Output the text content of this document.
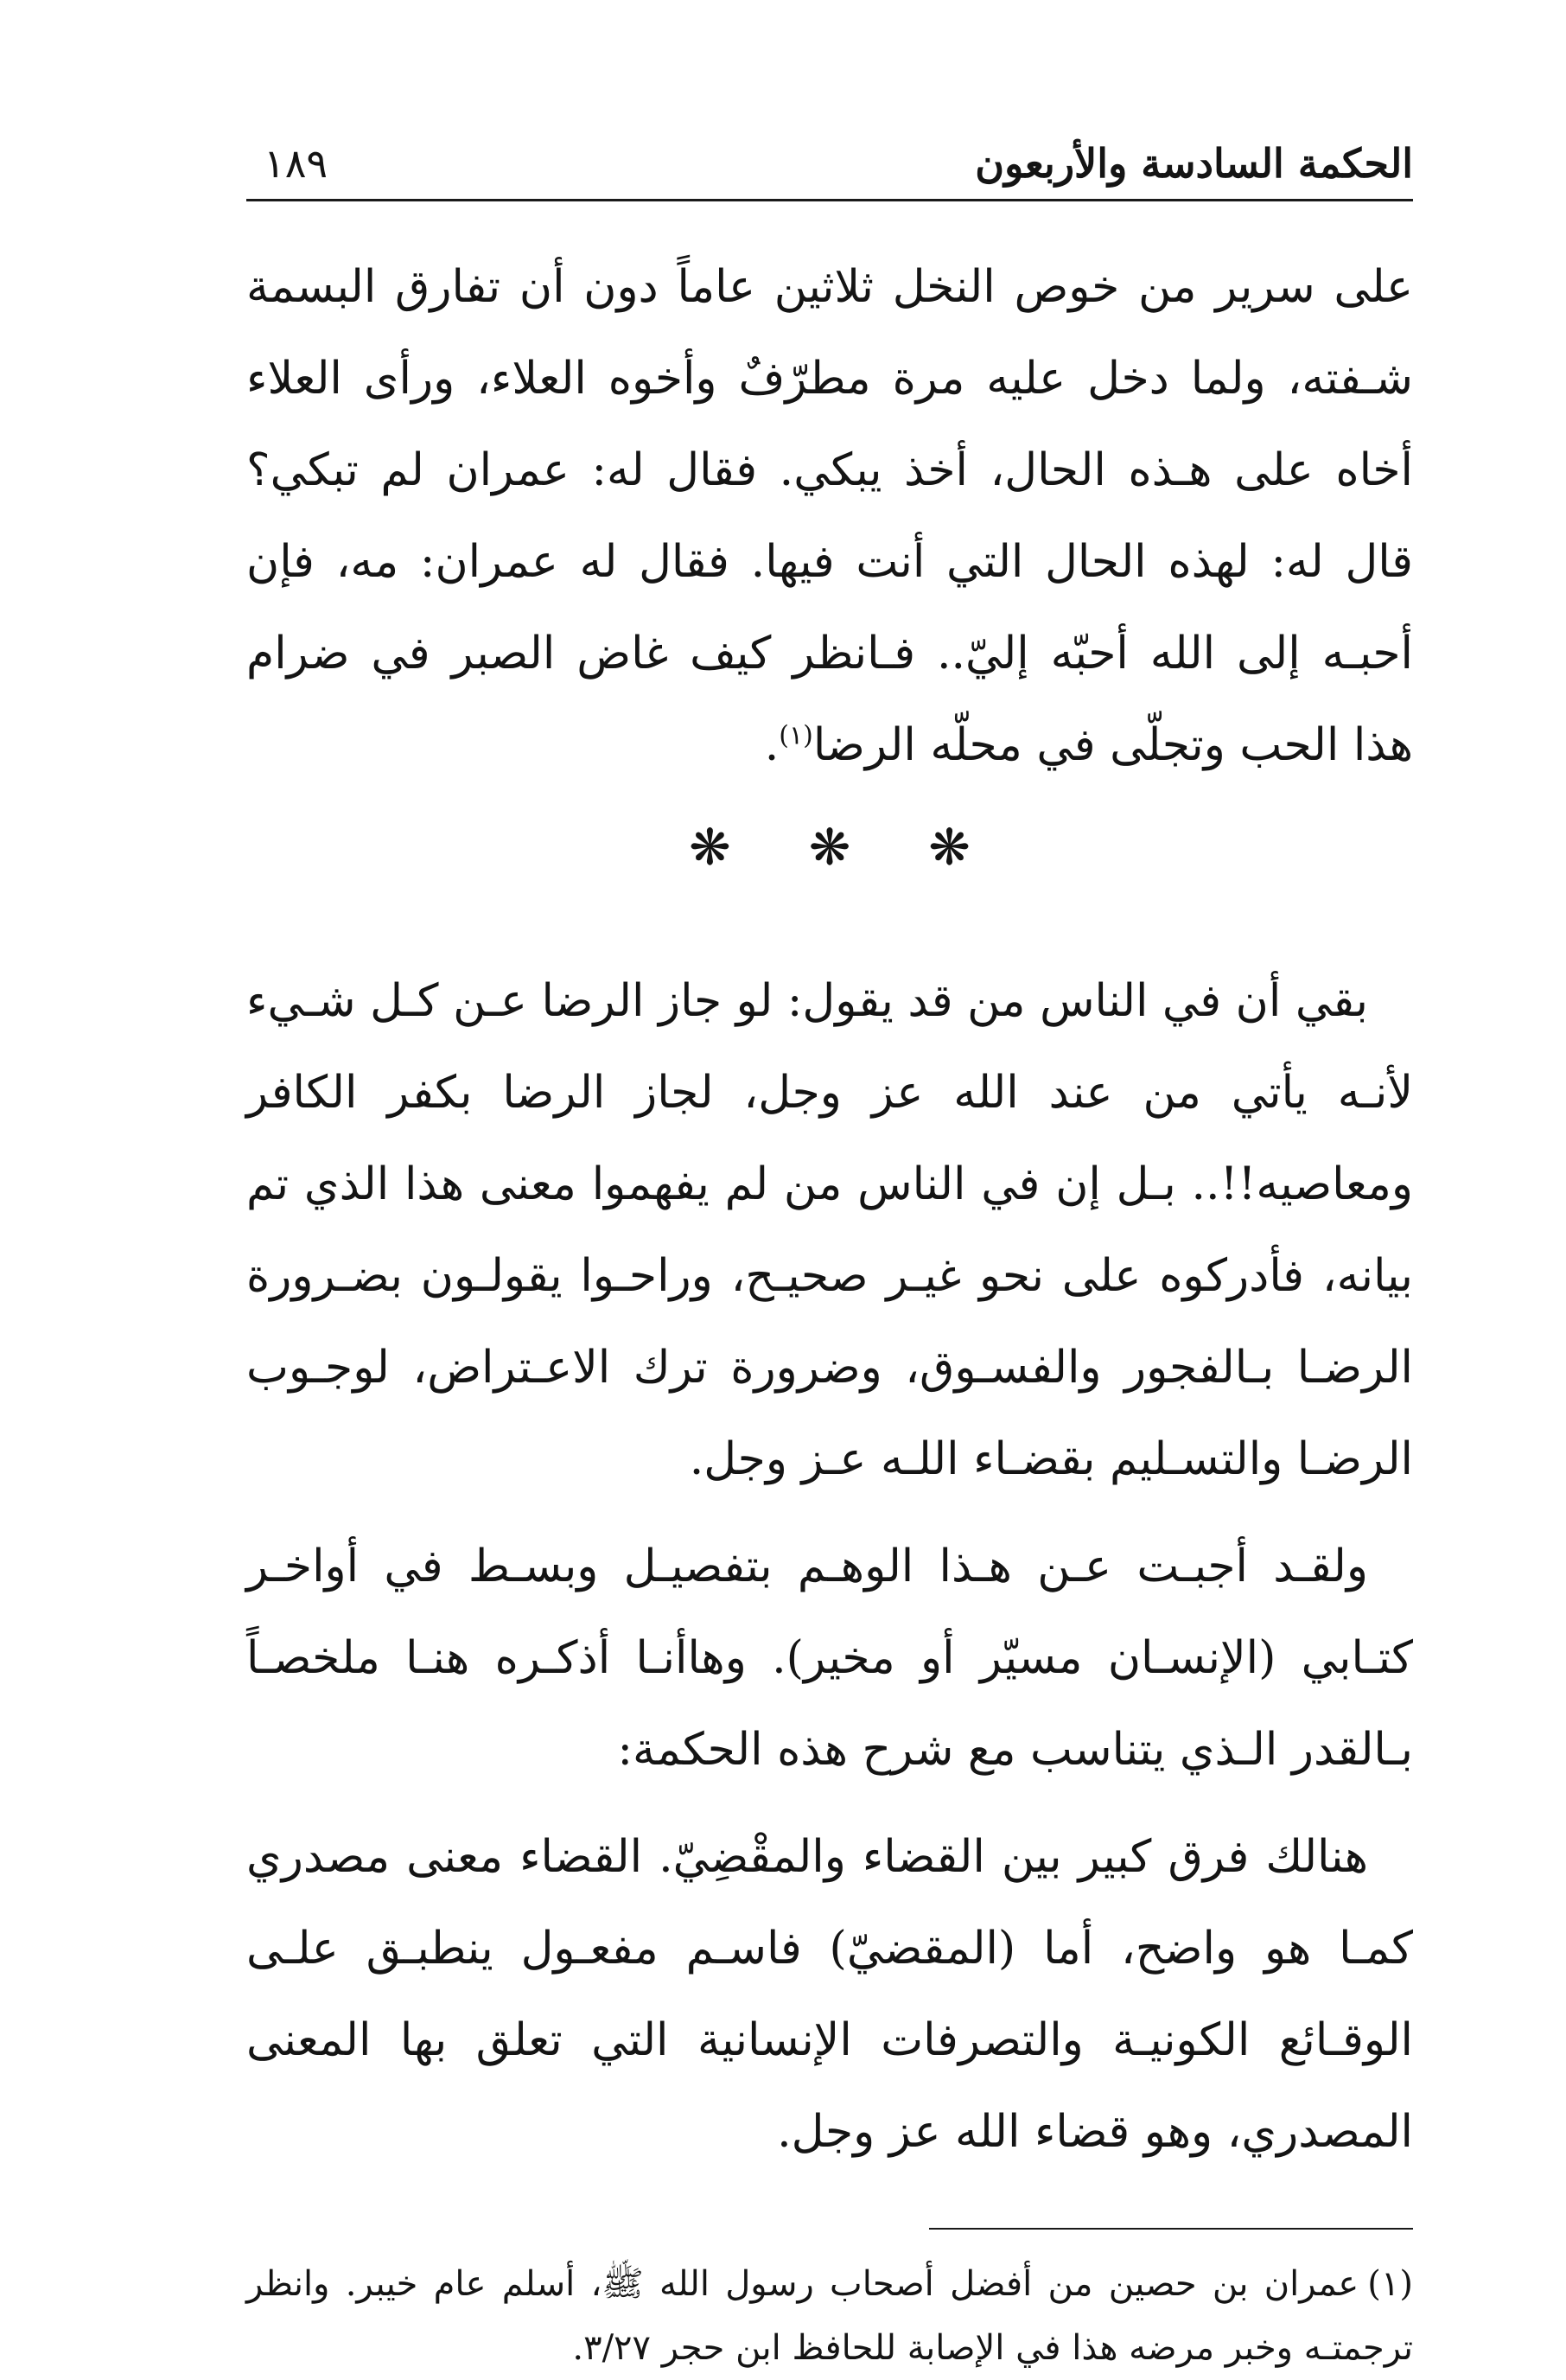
الحكمة السادسة والأربعون
١٨٩

على سرير من خوص النخل ثلاثين عاماً دون أن تفارق البسمة شـفته، ولما دخل عليه مرة مطرّفٌ وأخوه العلاء، ورأى العلاء أخاه على هـذه الحال، أخذ يبكي. فقال له: عمران لم تبكي؟ قال له: لهذه الحال التي أنت فيها. فقال له عمران: مه، فإن أحبـه إلى الله أحبّه إليّ.. فـانظر كيف غاض الصبر في ضرام هذا الحب وتجلّى في محلّه الرضا$^{(١)}$.

❋❋❋

بقي أن في الناس من قد يقول: لو جاز الرضا عـن كـل شـيء لأنـه يأتي من عند الله عز وجل، لجاز الرضا بكفر الكافر ومعاصيه!!.. بـل إن في الناس من لم يفهموا معنى هذا الذي تم بيانه، فأدركوه على نحو غيـر صحيـح، وراحـوا يقولـون بضـرورة الرضـا بـالفجور والفسـوق، وضرورة ترك الاعـتراض، لوجـوب الرضـا والتسـليم بقضـاء اللـه عـز وجل.

ولقـد أجبـت عـن هـذا الوهـم بتفصيـل وبسـط في أواخـر كتـابي (الإنسـان مسيّر أو مخير). وهاأنـا أذكـره هنـا ملخصـاً بـالقدر الـذي يتناسب مع شرح هذه الحكمة:

هنالك فرق كبير بين القضاء والمقْضِيّ. القضاء معنى مصدري كمـا هو واضح، أما (المقضيّ) فاسـم مفعـول ينطبـق علـى الوقـائع الكونيـة والتصرفات الإنسانية التي تعلق بها المعنى المصدري، وهو قضاء الله عز وجل.

(١)عمران بن حصين من أفضل أصحاب رسول الله ﷺ، أسلم عام خيبر. وانظر ترجمتـه وخبر مرضه هذا في الإصابة للحافظ ابن حجر ٣/٢٧.
